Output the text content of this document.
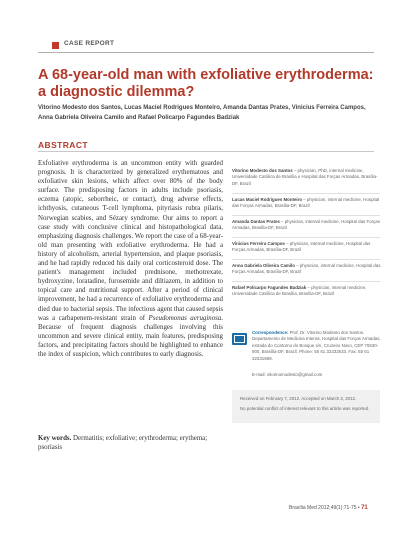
CASE REPORT
A 68-year-old man with exfoliative erythroderma: a diagnostic dilemma?
Vitorino Modesto dos Santos, Lucas Maciel Rodrigues Monteiro, Amanda Dantas Prates, Vinicius Ferreira Campos, Anna Gabriela Oliveira Camilo and Rafael Policarpo Fagundes Badziak
ABSTRACT

Exfoliative erythroderma is an uncommon entity with guarded prognosis. It is characterized by generalized erythematous and exfoliative skin lesions, which affect over 80% of the body surface. The predisposing factors in adults include psoriasis, eczema (atopic, seborrheic, or contact), drug adverse effects, ichthyosis, cutaneous T-cell lymphoma, pityriasis rubra pilaris, Norwegian scabies, and Sézary syndrome. Our aims to report a case study with conclusive clinical and histopathological data, emphasizing diagnosis challenges. We report the case of a 68-year-old man presenting with exfoliative erythroderma. He had a history of alcoholism, arterial hypertension, and plaque psoriasis, and he had rapidly reduced his daily oral corticosteroid dose. The patient's management included prednisone, methotrexate, hydroxyzine, loratadine, furosemide and diltiazem, in addition to topical care and nutritional support. After a period of clinical improvement, he had a recurrence of exfoliative erythroderma and died due to bacterial sepsis. The infectious agent that caused sepsis was a carbapenem-resistant strain of Pseudomonas aeruginosa. Because of frequent diagnosis challenges involving this uncommon and severe clinical entity, main features, predisposing factors, and precipitating factors should be highlighted to enhance the index of suspicion, which contributes to early diagnosis.

Key words. Dermatitis; exfoliative; erythroderma; erythema; psoriasis
Vitorino Modesto dos Santos – physician, PhD, internal medicine, Universidade Católica de Brasília e Hospital das Forças Armadas, Brasília-DF, Brazil
Lucas Maciel Rodrigues Monteiro – physician, internal medicine, Hospital das Forças Armadas, Brasília-DF, Brazil
Amanda Dantas Prates – physician, internal medicine, Hospital das Forças Armadas, Brasília-DF, Brazil
Vinicius Ferreira Campos – physician, internal medicine, Hospital das Forças Armadas, Brasília-DF, Brazil
Anna Gabriela Oliveira Camilo – physician, internal medicine, Hospital das Forças Armadas, Brasília-DF, Brazil
Rafael Policarpo Fagundes Badziak – physician, internal medicine, Universidade Católica de Brasília, Brasília-DF, Brazil
Correspondence: Prof. Dr. Vitorino Modesto dos Santos. Departamento de Medicina Interna, Hospital das Forças Armadas, estrada do Contorno do Bosque s/n, Cruzeiro Novo, CEP 70630-900, Brasília-DF, Brazil. Phone: 55 61 32332633. Fax: 55 61 32331599.
E-mail: vitorinomodesto@gmail.com

Received on February 7, 2012. Accepted on March 3, 2012.

No potential conflict of interest relevant to this article was reported.

Brasília Med 2012;49(1):71-75 • 71
